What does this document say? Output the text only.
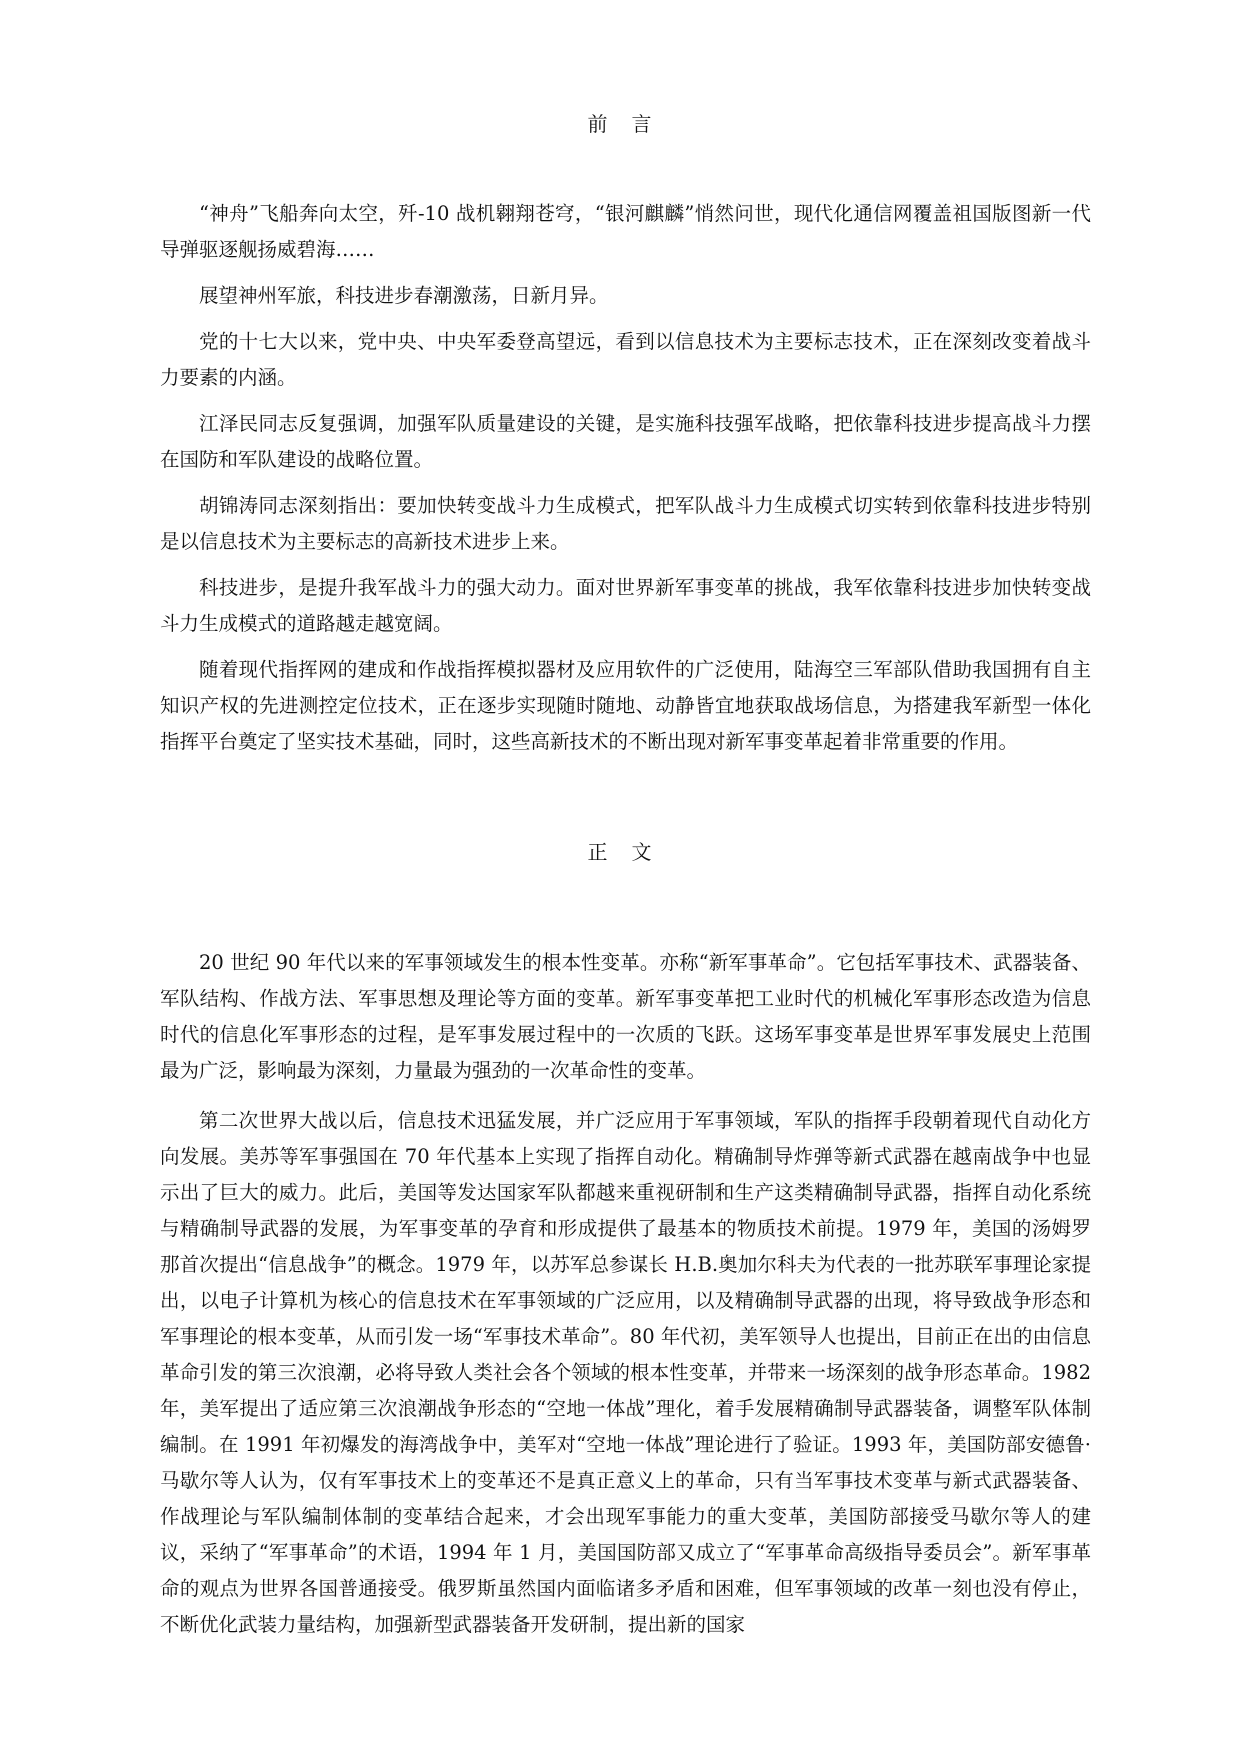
前　言

“神舟”飞船奔向太空，歼-10 战机翱翔苍穹，“银河麒麟”悄然问世，现代化通信网覆盖祖国版图新一代导弹驱逐舰扬威碧海……

展望神州军旅，科技进步春潮激荡，日新月异。

党的十七大以来，党中央、中央军委登高望远，看到以信息技术为主要标志技术，正在深刻改变着战斗力要素的内涵。

江泽民同志反复强调，加强军队质量建设的关键，是实施科技强军战略，把依靠科技进步提高战斗力摆在国防和军队建设的战略位置。

胡锦涛同志深刻指出：要加快转变战斗力生成模式，把军队战斗力生成模式切实转到依靠科技进步特别是以信息技术为主要标志的高新技术进步上来。

科技进步，是提升我军战斗力的强大动力。面对世界新军事变革的挑战，我军依靠科技进步加快转变战斗力生成模式的道路越走越宽阔。

随着现代指挥网的建成和作战指挥模拟器材及应用软件的广泛使用，陆海空三军部队借助我国拥有自主知识产权的先进测控定位技术，正在逐步实现随时随地、动静皆宜地获取战场信息，为搭建我军新型一体化指挥平台奠定了坚实技术基础，同时，这些高新技术的不断出现对新军事变革起着非常重要的作用。

正　文

20 世纪 90 年代以来的军事领域发生的根本性变革。亦称“新军事革命”。它包括军事技术、武器装备、军队结构、作战方法、军事思想及理论等方面的变革。新军事变革把工业时代的机械化军事形态改造为信息时代的信息化军事形态的过程，是军事发展过程中的一次质的飞跃。这场军事变革是世界军事发展史上范围最为广泛，影响最为深刻，力量最为强劲的一次革命性的变革。

第二次世界大战以后，信息技术迅猛发展，并广泛应用于军事领域，军队的指挥手段朝着现代自动化方向发展。美苏等军事强国在 70 年代基本上实现了指挥自动化。精确制导炸弹等新式武器在越南战争中也显示出了巨大的威力。此后，美国等发达国家军队都越来重视研制和生产这类精确制导武器，指挥自动化系统与精确制导武器的发展，为军事变革的孕育和形成提供了最基本的物质技术前提。1979 年，美国的汤姆罗那首次提出“信息战争”的概念。1979 年，以苏军总参谋长 H.B.奥加尔科夫为代表的一批苏联军事理论家提出，以电子计算机为核心的信息技术在军事领域的广泛应用，以及精确制导武器的出现，将导致战争形态和军事理论的根本变革，从而引发一场“军事技术革命”。80 年代初，美军领导人也提出，目前正在出的由信息革命引发的第三次浪潮，必将导致人类社会各个领域的根本性变革，并带来一场深刻的战争形态革命。1982 年，美军提出了适应第三次浪潮战争形态的“空地一体战”理化，着手发展精确制导武器装备，调整军队体制编制。在 1991 年初爆发的海湾战争中，美军对“空地一体战”理论进行了验证。1993 年，美国防部安德鲁·马歇尔等人认为，仅有军事技术上的变革还不是真正意义上的革命，只有当军事技术变革与新式武器装备、作战理论与军队编制体制的变革结合起来，才会出现军事能力的重大变革，美国防部接受马歇尔等人的建议，采纳了“军事革命”的术语，1994 年 1 月，美国国防部又成立了“军事革命高级指导委员会”。新军事革命的观点为世界各国普通接受。俄罗斯虽然国内面临诸多矛盾和困难，但军事领域的改革一刻也没有停止，不断优化武装力量结构，加强新型武器装备开发研制，提出新的国家
